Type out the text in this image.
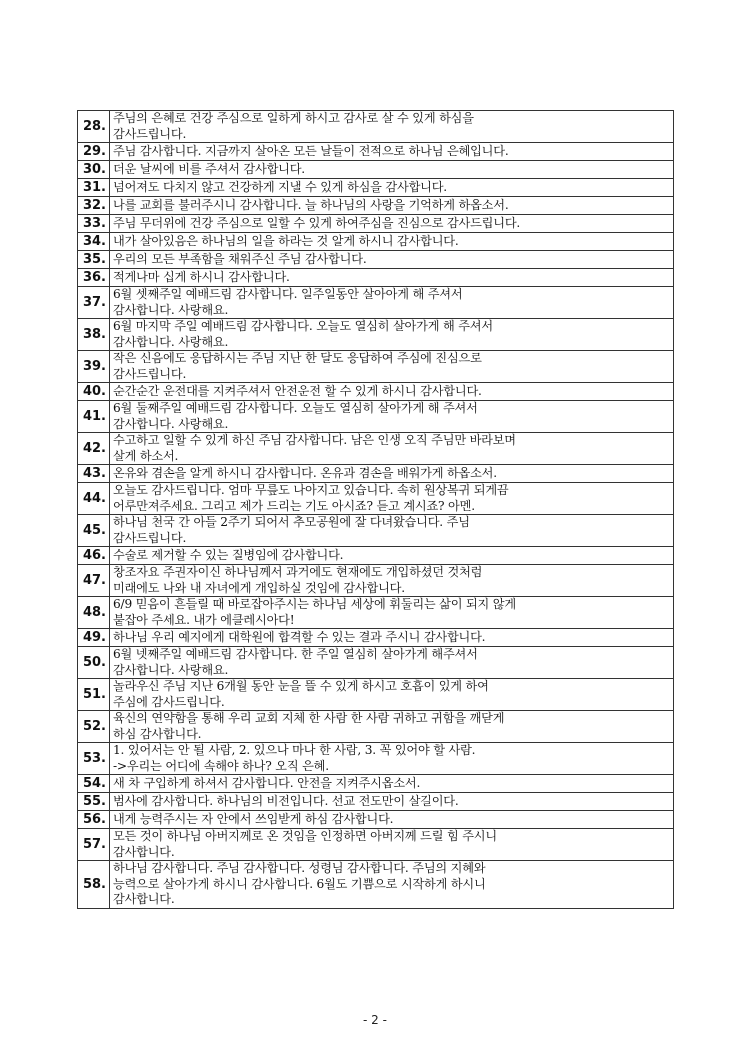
28.	주님의 은혜로 건강 주심으로 일하게 하시고 감사로 살 수 있게 하심을
감사드립니다.

29.	주님 감사합니다. 지금까지 살아온 모든 날들이 전적으로 하나님 은혜입니다.

30.	더운 날씨에 비를 주셔서 감사합니다.

31.	넘어져도 다치지 않고 건강하게 지낼 수 있게 하심을 감사합니다.

32.	나를 교회를 불러주시니 감사합니다. 늘 하나님의 사랑을 기억하게 하옵소서.

33.	주님 무더위에 건강 주심으로 일할 수 있게 하여주심을 진심으로 감사드립니다.

34.	내가 살아있음은 하나님의 일을 하라는 것 알게 하시니 감사합니다.

35.	우리의 모든 부족함을 채워주신 주님 감사합니다.

36.	적게나마 십게 하시니 감사합니다.

37.	6월 셋째주일 예배드림 감사합니다. 일주일동안 살아아게 해 주셔서
감사합니다. 사랑해요.

38.	6월 마지막 주일 예배드림 감사합니다. 오늘도 열심히 살아가게 해 주셔서
감사합니다. 사랑해요.

39.	작은 신음에도 응답하시는 주님 지난 한 달도 응답하여 주심에 진심으로
감사드립니다.

40.	순간순간 운전대를 지켜주셔서 안전운전 할 수 있게 하시니 감사합니다.

41.	6월 둘째주일 예배드림 감사합니다. 오늘도 열심히 살아가게 해 주셔서
감사합니다. 사랑해요.

42.	수고하고 일할 수 있게 하신 주님 감사합니다. 남은 인생 오직 주님만 바라보며
살게 하소서.

43.	온유와 겸손을 알게 하시니 감사합니다. 온유과 겸손을 배워가게 하옵소서.

44.	오늘도 감사드립니다. 엄마 무릎도 나아지고 있습니다. 속히 원상복귀 되게끔
어루만져주세요. 그리고 제가 드리는 기도 아시죠? 듣고 계시죠? 아멘.

45.	하나님 천국 간 아들 2주기 되어서 추모공원에 잘 다녀왔습니다. 주님
감사드립니다.

46.	수술로 제거할 수 있는 질병임에 감사합니다.

47.	창조자요 주권자이신 하나님께서 과거에도 현재에도 개입하셨던 것처럼
미래에도 나와 내 자녀에게 개입하실 것임에 감사합니다.

48.	6/9 믿음이 흔들릴 때 바로잡아주시는 하나님 세상에 휘둘리는 삶이 되지 않게
붙잡아 주세요. 내가 에클레시아다!

49.	하나님 우리 예지에게 대학원에 합격할 수 있는 결과 주시니 감사합니다.

50.	6월 넷째주일 예배드림 감사합니다. 한 주일 열심히 살아가게 해주셔서
감사합니다. 사랑해요.

51.	놀라우신 주님 지난 6개월 동안 눈을 뜰 수 있게 하시고 호흡이 있게 하여
주심에 감사드립니다.

52.	육신의 연약함을 통해 우리 교회 지체 한 사람 한 사람 귀하고 귀함을 깨닫게
하심 감사합니다.

53.	1. 있어서는 안 될 사람, 2. 있으나 마나 한 사람, 3. 꼭 있어야 할 사람.
->우리는 어디에 속해야 하나? 오직 은혜.

54.	새 차 구입하게 하셔서 감사합니다. 안전을 지켜주시옵소서.

55.	범사에 감사합니다. 하나님의 비전입니다. 선교 전도만이 살길이다.

56.	내게 능력주시는 자 안에서 쓰임받게 하심 감사합니다.

57.	모든 것이 하나님 아버지께로 온 것임을 인정하면 아버지께 드릴 힘 주시니
감사합니다.

58.	하나님 감사합니다. 주님 감사합니다. 성령님 감사합니다. 주님의 지혜와
능력으로 살아가게 하시니 감사합니다. 6월도 기쁨으로 시작하게 하시니
감사합니다.
- 2 -
